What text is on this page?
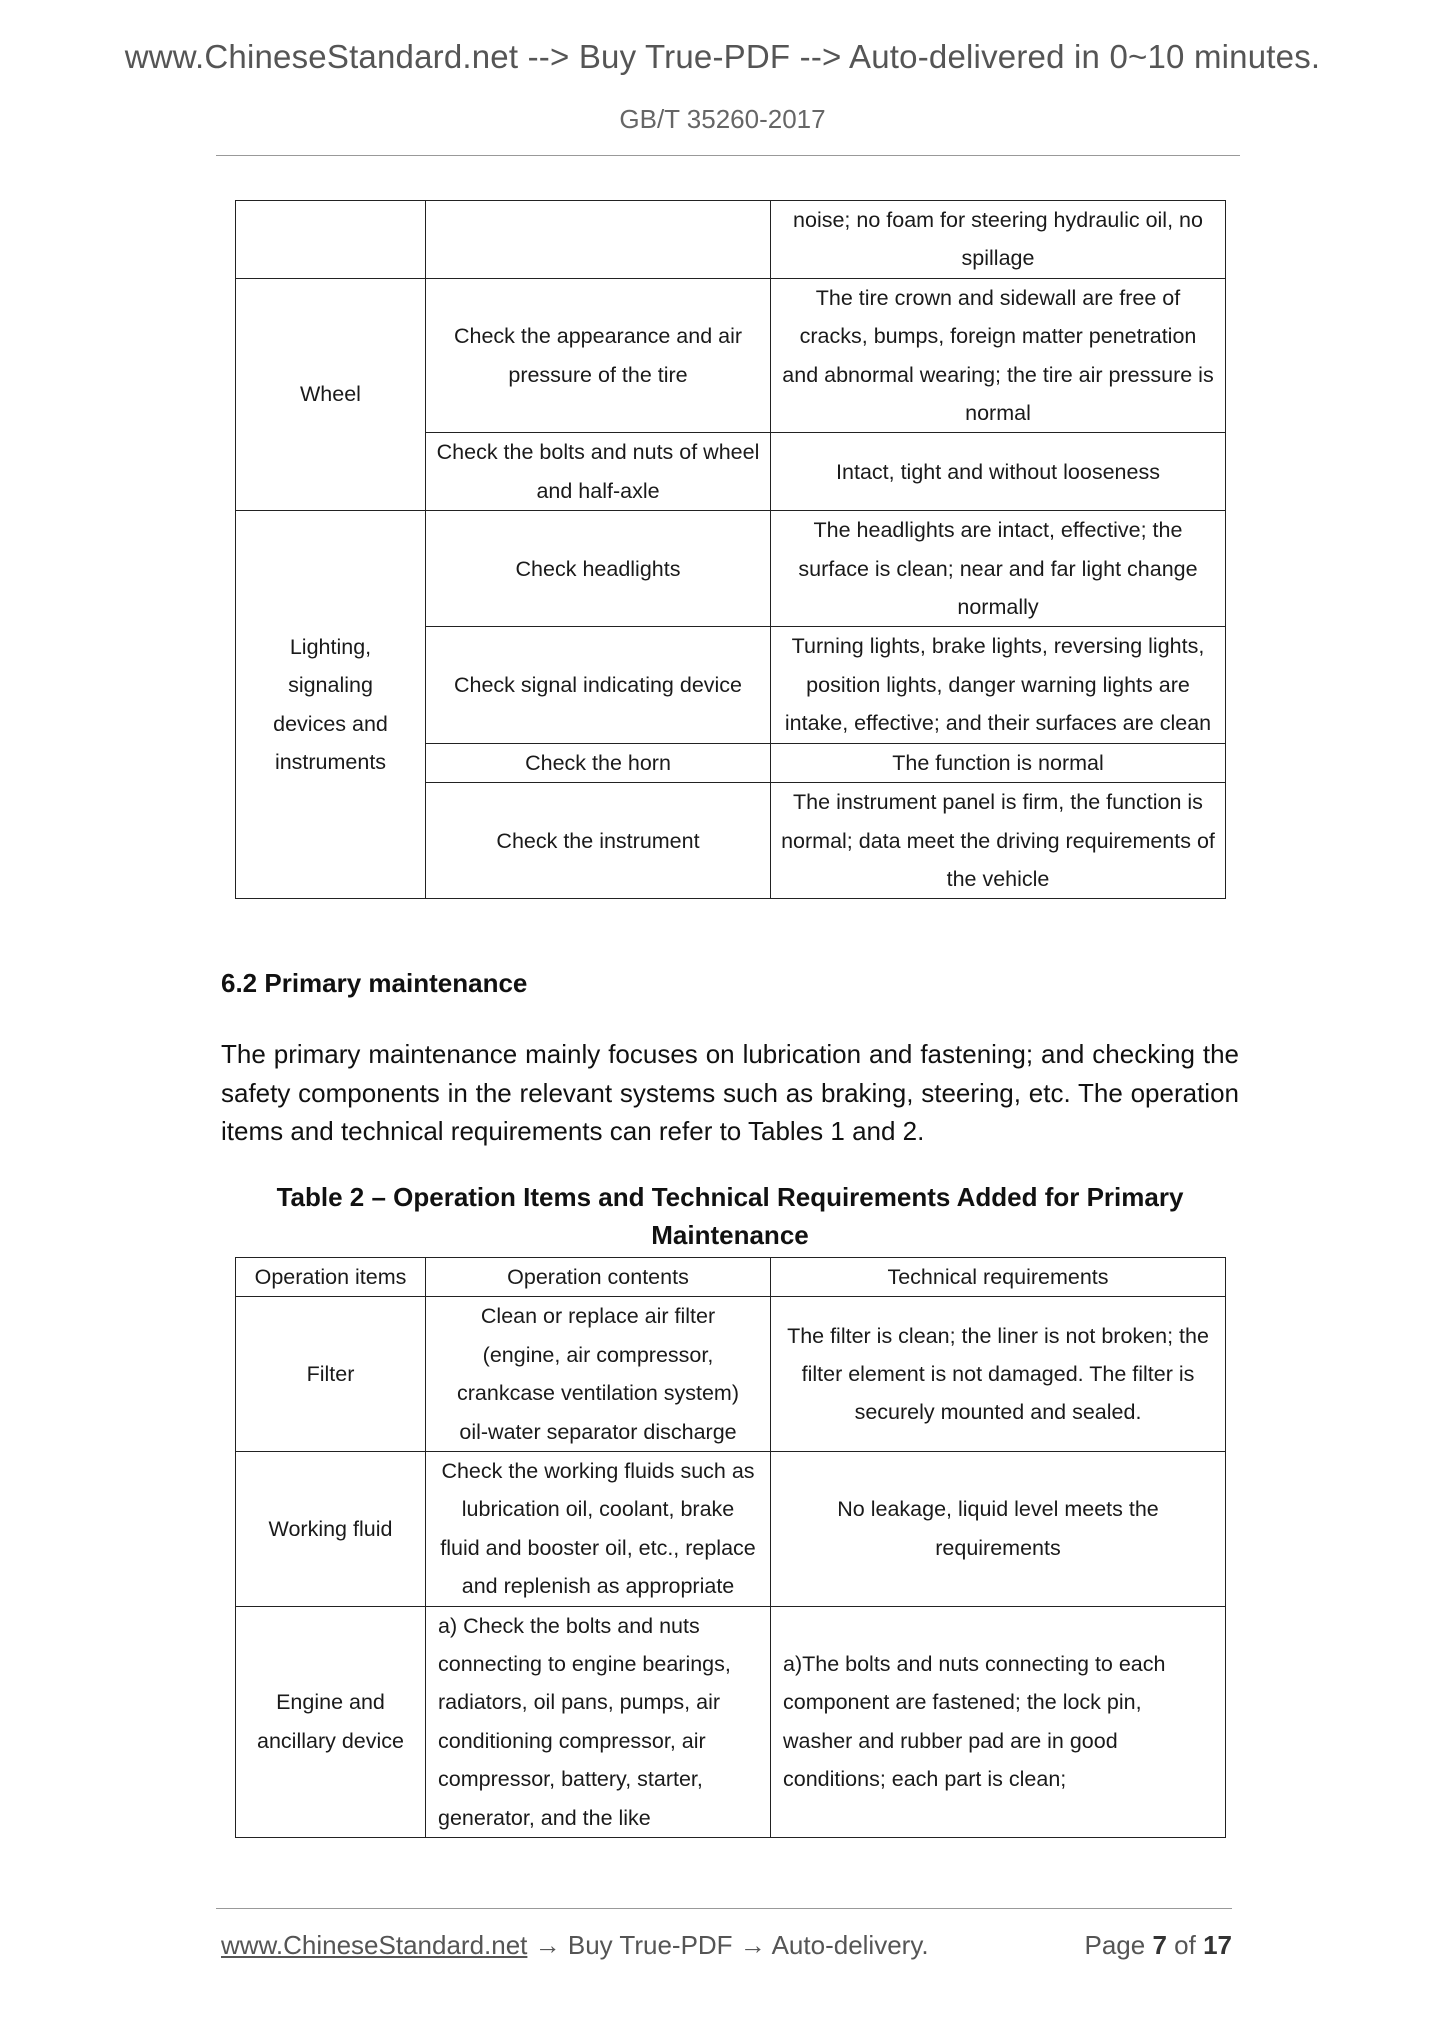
www.ChineseStandard.net --> Buy True-PDF --> Auto-delivered in 0~10 minutes.
GB/T 35260-2017
		noise; no foam for steering hydraulic oil, no spillage
Wheel	Check the appearance and air pressure of the tire	The tire crown and sidewall are free of cracks, bumps, foreign matter penetration and abnormal wearing; the tire air pressure is normal
	Check the bolts and nuts of wheel and half-axle	Intact, tight and without looseness
Lighting, signaling devices and instruments	Check headlights	The headlights are intact, effective; the surface is clean; near and far light change normally
	Check signal indicating device	Turning lights, brake lights, reversing lights, position lights, danger warning lights are intake, effective; and their surfaces are clean
	Check the horn	The function is normal
	Check the instrument	The instrument panel is firm, the function is normal; data meet the driving requirements of the vehicle
6.2 Primary maintenance
The primary maintenance mainly focuses on lubrication and fastening; and checking the safety components in the relevant systems such as braking, steering, etc. The operation items and technical requirements can refer to Tables 1 and 2.
Table 2 – Operation Items and Technical Requirements Added for Primary Maintenance
Operation items	Operation contents	Technical requirements
Filter	Clean or replace air filter (engine, air compressor, crankcase ventilation system) oil-water separator discharge	The filter is clean; the liner is not broken; the filter element is not damaged. The filter is securely mounted and sealed.
Working fluid	Check the working fluids such as lubrication oil, coolant, brake fluid and booster oil, etc., replace and replenish as appropriate	No leakage, liquid level meets the requirements
Engine and ancillary device	a) Check the bolts and nuts connecting to engine bearings, radiators, oil pans, pumps, air conditioning compressor, air compressor, battery, starter, generator, and the like	a)The bolts and nuts connecting to each component are fastened; the lock pin, washer and rubber pad are in good conditions; each part is clean;
www.ChineseStandard.net → Buy True-PDF → Auto-delivery.	Page 7 of 17
